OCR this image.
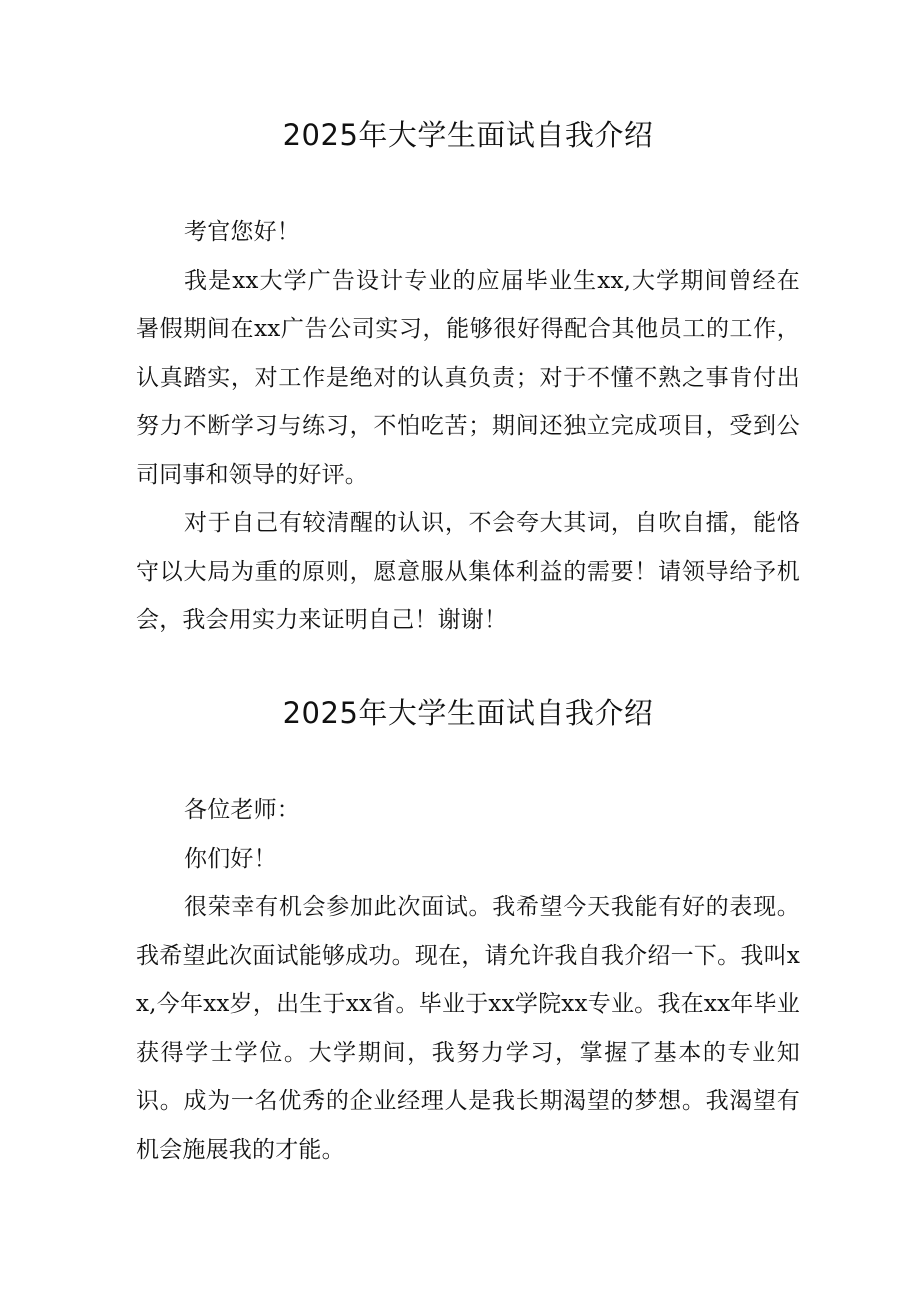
2025年大学生面试自我介绍

考官您好！

我是xx大学广告设计专业的应届毕业生xx,大学期间曾经在暑假期间在xx广告公司实习，能够很好得配合其他员工的工作，认真踏实，对工作是绝对的认真负责；对于不懂不熟之事肯付出努力不断学习与练习，不怕吃苦；期间还独立完成项目，受到公司同事和领导的好评。

对于自己有较清醒的认识，不会夸大其词，自吹自擂，能恪守以大局为重的原则，愿意服从集体利益的需要！请领导给予机会，我会用实力来证明自己！谢谢！

2025年大学生面试自我介绍

各位老师：

你们好！

很荣幸有机会参加此次面试。我希望今天我能有好的表现。我希望此次面试能够成功。现在，请允许我自我介绍一下。我叫xx,今年xx岁，出生于xx省。毕业于xx学院xx专业。我在xx年毕业获得学士学位。大学期间，我努力学习，掌握了基本的专业知识。成为一名优秀的企业经理人是我长期渴望的梦想。我渴望有机会施展我的才能。
